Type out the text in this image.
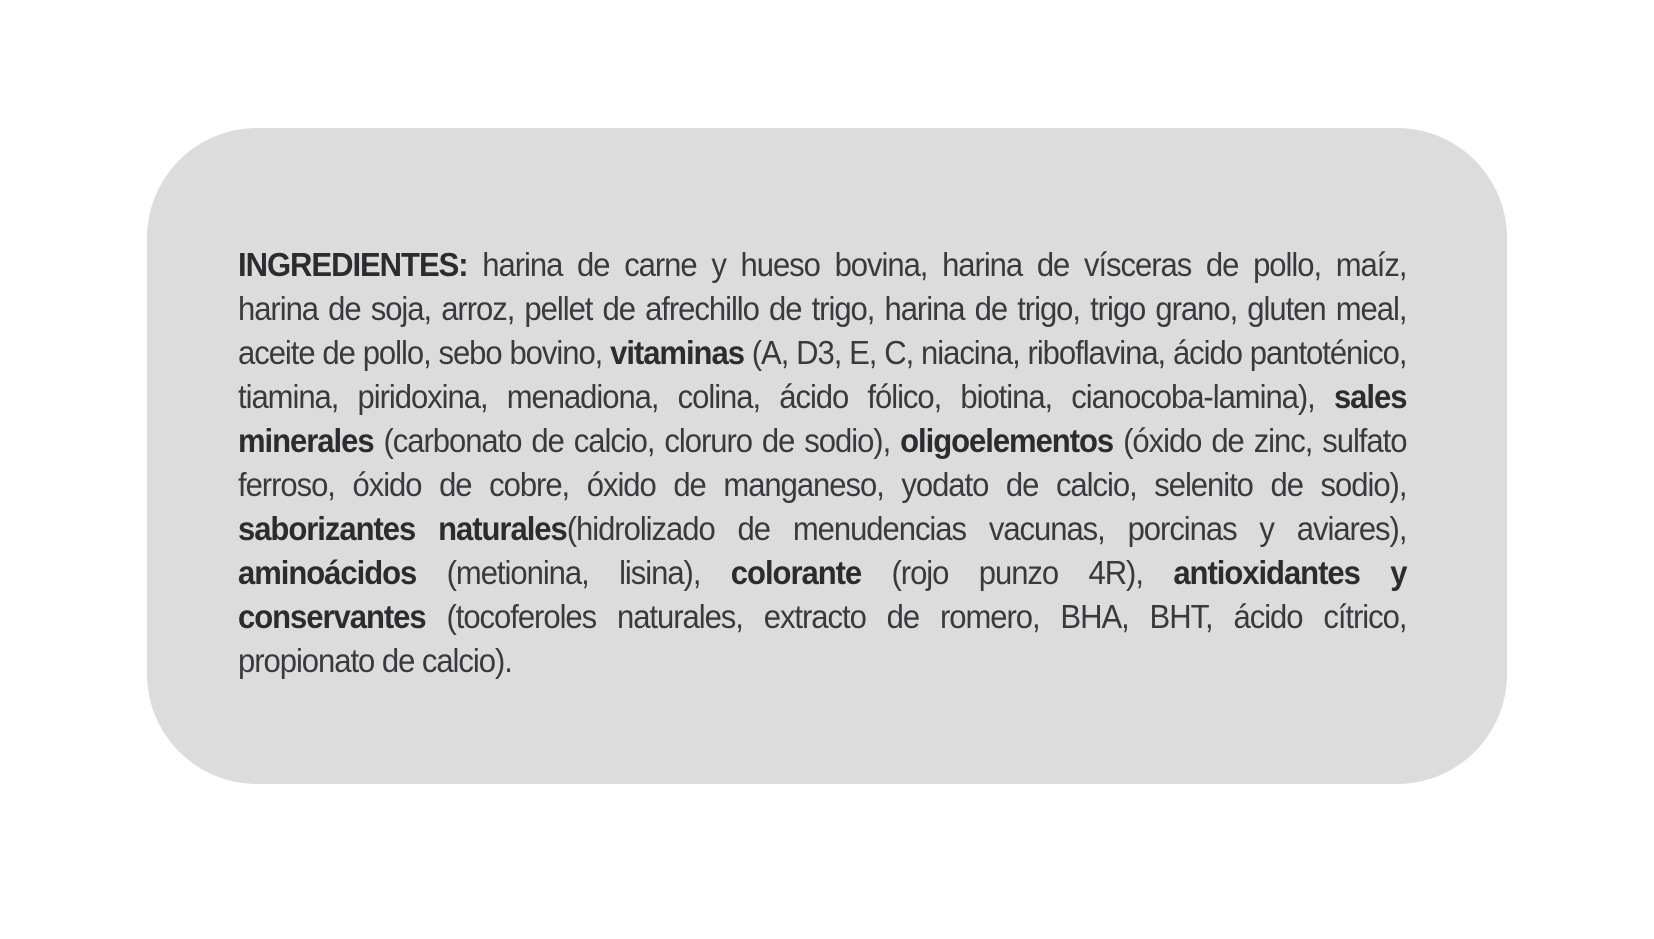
INGREDIENTES: harina de carne y hueso bovina, harina de vísceras de pollo, maíz, harina de soja, arroz, pellet de afrechillo de trigo, harina de trigo, trigo grano, gluten meal, aceite de pollo, sebo bovino, vitaminas (A, D3, E, C, niacina, riboflavina, ácido pantoténico, tiamina, piridoxina, menadiona, colina, ácido fólico, biotina, cianocoba-lamina), sales minerales (carbonato de calcio, cloruro de sodio), oligoelementos (óxido de zinc, sulfato ferroso, óxido de cobre, óxido de manganeso, yodato de calcio, selenito de sodio), saborizantes naturales(hidrolizado de menudencias vacunas, porcinas y aviares), aminoácidos (metionina, lisina), colorante (rojo punzo 4R), antioxidantes y conservantes (tocoferoles naturales, extracto de romero, BHA, BHT, ácido cítrico, propionato de calcio).
